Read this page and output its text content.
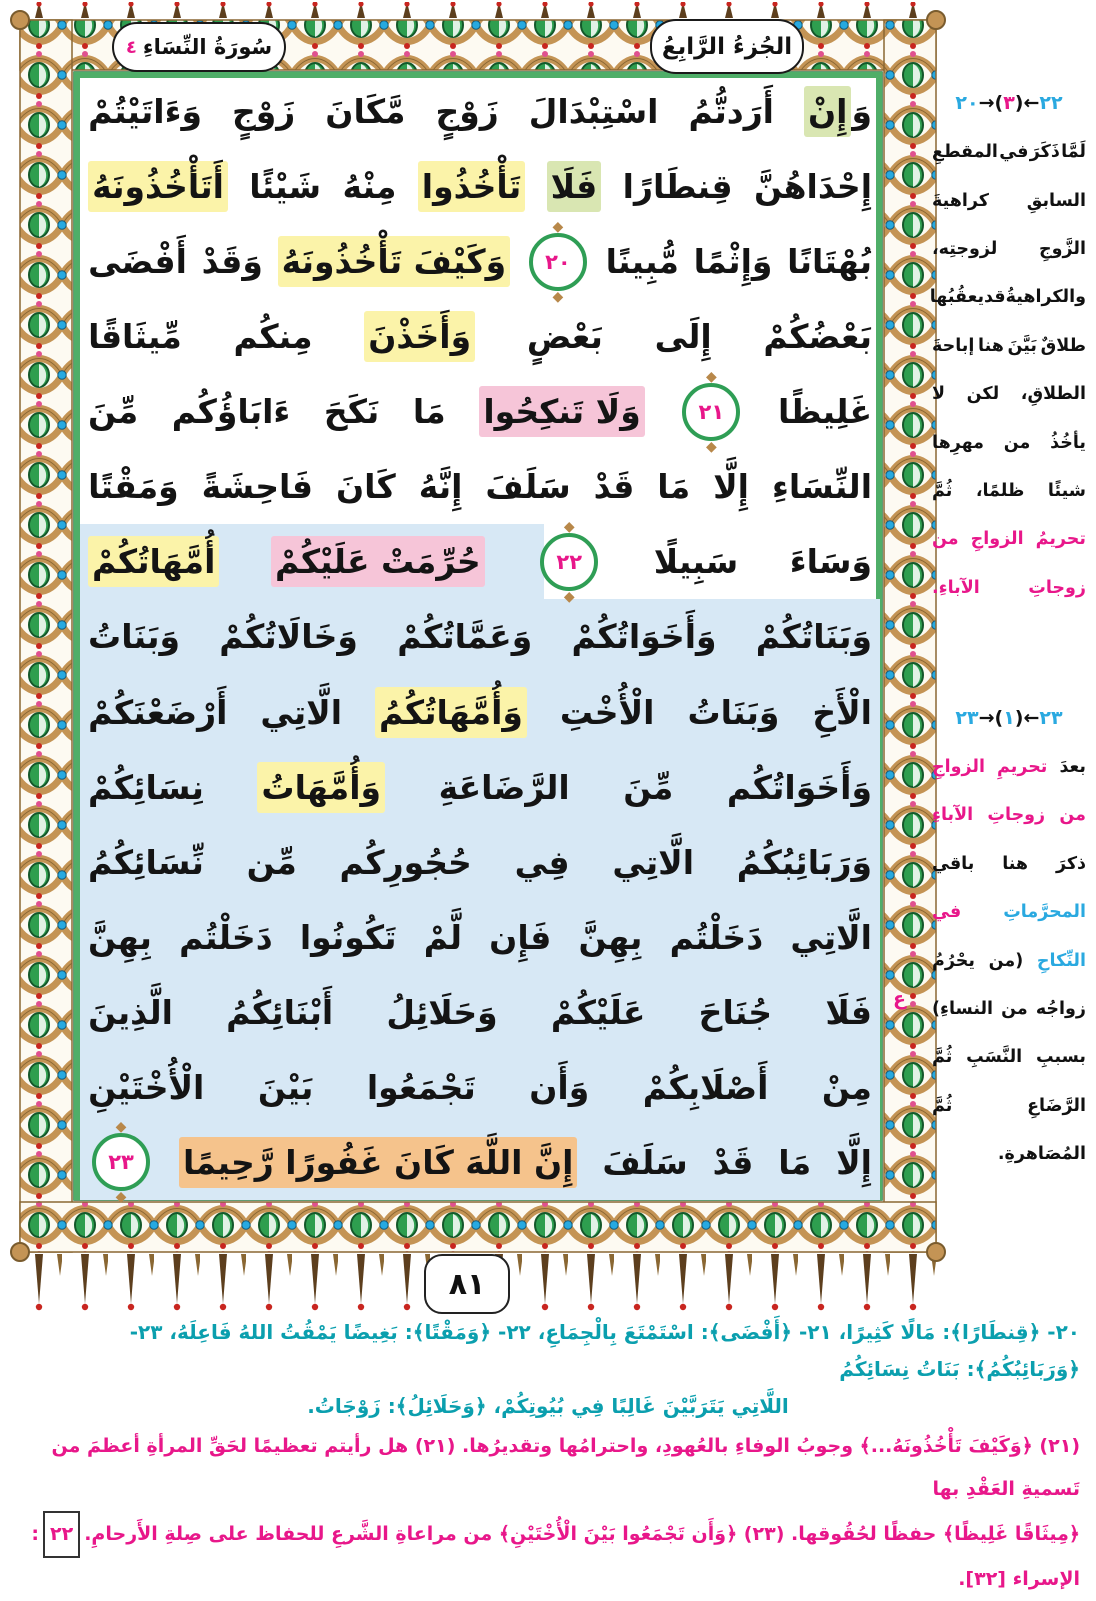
سُورَةُ النِّسَاءِ
٤	الجُزءُ الرَّابِعُ
وَ
إِنْ
أَرَدتُّمُ
اسْتِبْدَالَ
زَوْجٍ
مَّكَانَ
زَوْجٍ
وَءَاتَيْتُمْ
إِحْدَاهُنَّ
قِنطَارًا
فَلَا
تَأْخُذُوا
مِنْهُ
شَيْئًا
أَتَأْخُذُونَهُ
بُهْتَانًا
وَإِثْمًا
مُّبِينًا
◆ ٢٠
◆
وَكَيْفَ تَأْخُذُونَهُ
وَقَدْ
أَفْضَى
بَعْضُكُمْ
إِلَى
بَعْضٍ
وَأَخَذْنَ
مِنكُم
مِّيثَاقًا
غَلِيظًا
◆ ٢١
◆
وَلَا تَنكِحُوا
مَا
نَكَحَ
ءَابَاؤُكُم
مِّنَ
النِّسَاءِ
إِلَّا
مَا
قَدْ
سَلَفَ
إِنَّهُ
كَانَ
فَاحِشَةً
وَمَقْتًا
وَسَاءَ
سَبِيلًا
◆ ٢٢
◆
حُرِّمَتْ عَلَيْكُمْ
أُمَّهَاتُكُمْ
وَبَنَاتُكُمْ
وَأَخَوَاتُكُمْ
وَعَمَّاتُكُمْ
وَخَالَاتُكُمْ
وَبَنَاتُ
الْأَخِ
وَبَنَاتُ
الْأُخْتِ
وَأُمَّهَاتُكُمُ
الَّاتِي
أَرْضَعْنَكُمْ
وَأَخَوَاتُكُم
مِّنَ
الرَّضَاعَةِ
وَأُمَّهَاتُ
نِسَائِكُمْ
وَرَبَائِبُكُمُ
الَّاتِي
فِي
حُجُورِكُم
مِّن
نِّسَائِكُمُ
الَّاتِي
دَخَلْتُم
بِهِنَّ
فَإِن
لَّمْ
تَكُونُوا
دَخَلْتُم
بِهِنَّ
فَلَا
جُنَاحَ
عَلَيْكُمْ
وَحَلَائِلُ
أَبْنَائِكُمُ
الَّذِينَ
مِنْ
أَصْلَابِكُمْ
وَأَن
تَجْمَعُوا
بَيْنَ
الْأُخْتَيْنِ
إِلَّا
مَا
قَدْ
سَلَفَ
إِنَّ اللَّهَ كَانَ غَفُورًا رَّحِيمًا
◆ ٢٣
◆
ع
٢٢←(٣)→٢٠
لَمَّا
ذَكَرَ
في
المقطعِ
السابقِ
كراهيةَ
الزَّوجِ
لزوجتِه،
والكراهيةُ
قد
يعقُبُها
طلاقٌ
بَيَّنَ
هنا
إباحةَ
الطلاقِ،
لكن
لا
يأخُذُ
من
مهرِها
شيئًا
ظلمًا،
ثُمَّ
تحريمُ
الزواجِ
من
زوجاتِ
الآباءِ.
٢٣←(١)→٢٣
بعدَ
تحريمِ
الزواجِ
من
زوجاتِ
الآباءِ
ذكرَ
هنا
باقي
المحرَّماتِ
في
النِّكاحِ
(من
يحْرُمُ
زواجُه
من
النساءِ)
بسببِ
النَّسَبِ
ثُمَّ
الرَّضَاعِ
ثُمَّ
المُصَاهرةِ.
٨١
٢٠- ﴿قِنطَارًا﴾: مَالًا كَثِيرًا، ٢١- ﴿أَفْضَى﴾: اسْتَمْتَعَ بِالْجِمَاعِ، ٢٢- ﴿وَمَقْتًا﴾: بَغِيضًا يَمْقُتُ اللهُ فَاعِلَهُ، ٢٣- ﴿وَرَبَائِبُكُمُ﴾: بَنَاتُ نِسَائِكُمُ
اللَّاتِي يَتَرَبَّيْنَ غَالِبًا فِي بُيُوتِكُمْ، ﴿وَحَلَائِلُ﴾: زَوْجَاتُ.
(٢١) ﴿وَكَيْفَ تَأْخُذُونَهُ...﴾ وجوبُ الوفاءِ بالعُهودِ، واحترامُها وتقديرُها. (٢١) هل رأيتم تعظيمًا لحَقِّ المرأةِ أعظمَ من تَسميةِ العَقْدِ بها
﴿مِيثَاقًا غَلِيظًا﴾ حفظًا لحُقُوقها. (٢٣) ﴿وَأَن تَجْمَعُوا بَيْنَ الْأُخْتَيْنِ﴾ من مراعاةِ الشَّرعِ للحفاظ على صِلةِ الأَرحامِ.٢٢: الإسراء [٣٢].
